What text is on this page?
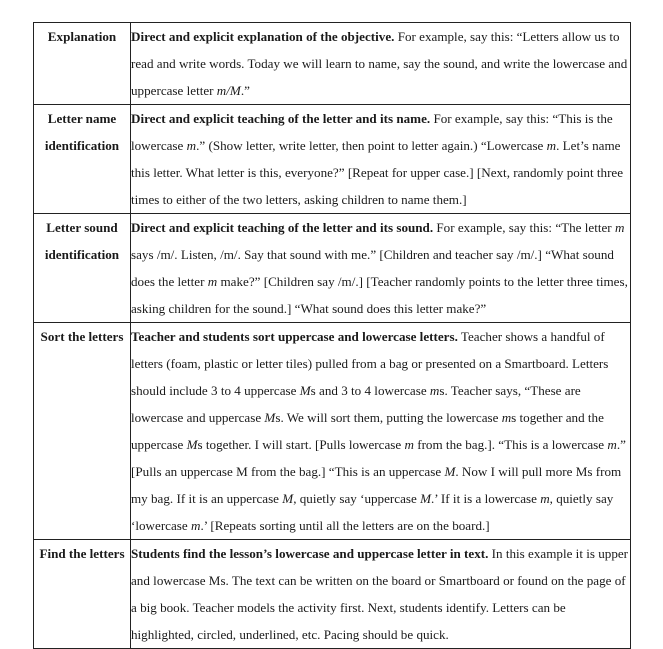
Explanation	Direct and explicit explanation of the objective. For example, say this: “Letters allow us to read and write words. Today we will learn to name, say the sound, and write the lowercase and uppercase letter m/M.”
Letter name identification	Direct and explicit teaching of the letter and its name. For example, say this: “This is the lowercase m.” (Show letter, write letter, then point to letter again.) “Lowercase m. Let’s name this letter. What letter is this, everyone?” [Repeat for upper case.] [Next, randomly point three times to either of the two letters, asking children to name them.]
Letter sound identification	Direct and explicit teaching of the letter and its sound. For example, say this: “The letter m says /m/. Listen, /m/. Say that sound with me.” [Children and teacher say /m/.] “What sound does the letter m make?” [Children say /m/.] [Teacher randomly points to the letter three times, asking children for the sound.] “What sound does this letter make?”
Sort the letters	Teacher and students sort uppercase and lowercase letters. Teacher shows a handful of letters (foam, plastic or letter tiles) pulled from a bag or presented on a Smartboard. Letters should include 3 to 4 uppercase Ms and 3 to 4 lowercase ms. Teacher says, “These are lowercase and uppercase Ms. We will sort them, putting the lowercase ms together and the uppercase Ms together. I will start. [Pulls lowercase m from the bag.]. “This is a lowercase m.” [Pulls an uppercase M from the bag.] “This is an uppercase M. Now I will pull more Ms from my bag. If it is an uppercase M, quietly say ‘uppercase M.’ If it is a lowercase m, quietly say ‘lowercase m.’ [Repeats sorting until all the letters are on the board.]
Find the letters	Students find the lesson’s lowercase and uppercase letter in text. In this example it is upper and lowercase Ms. The text can be written on the board or Smartboard or found on the page of a big book. Teacher models the activity first. Next, students identify. Letters can be highlighted, circled, underlined, etc. Pacing should be quick.
